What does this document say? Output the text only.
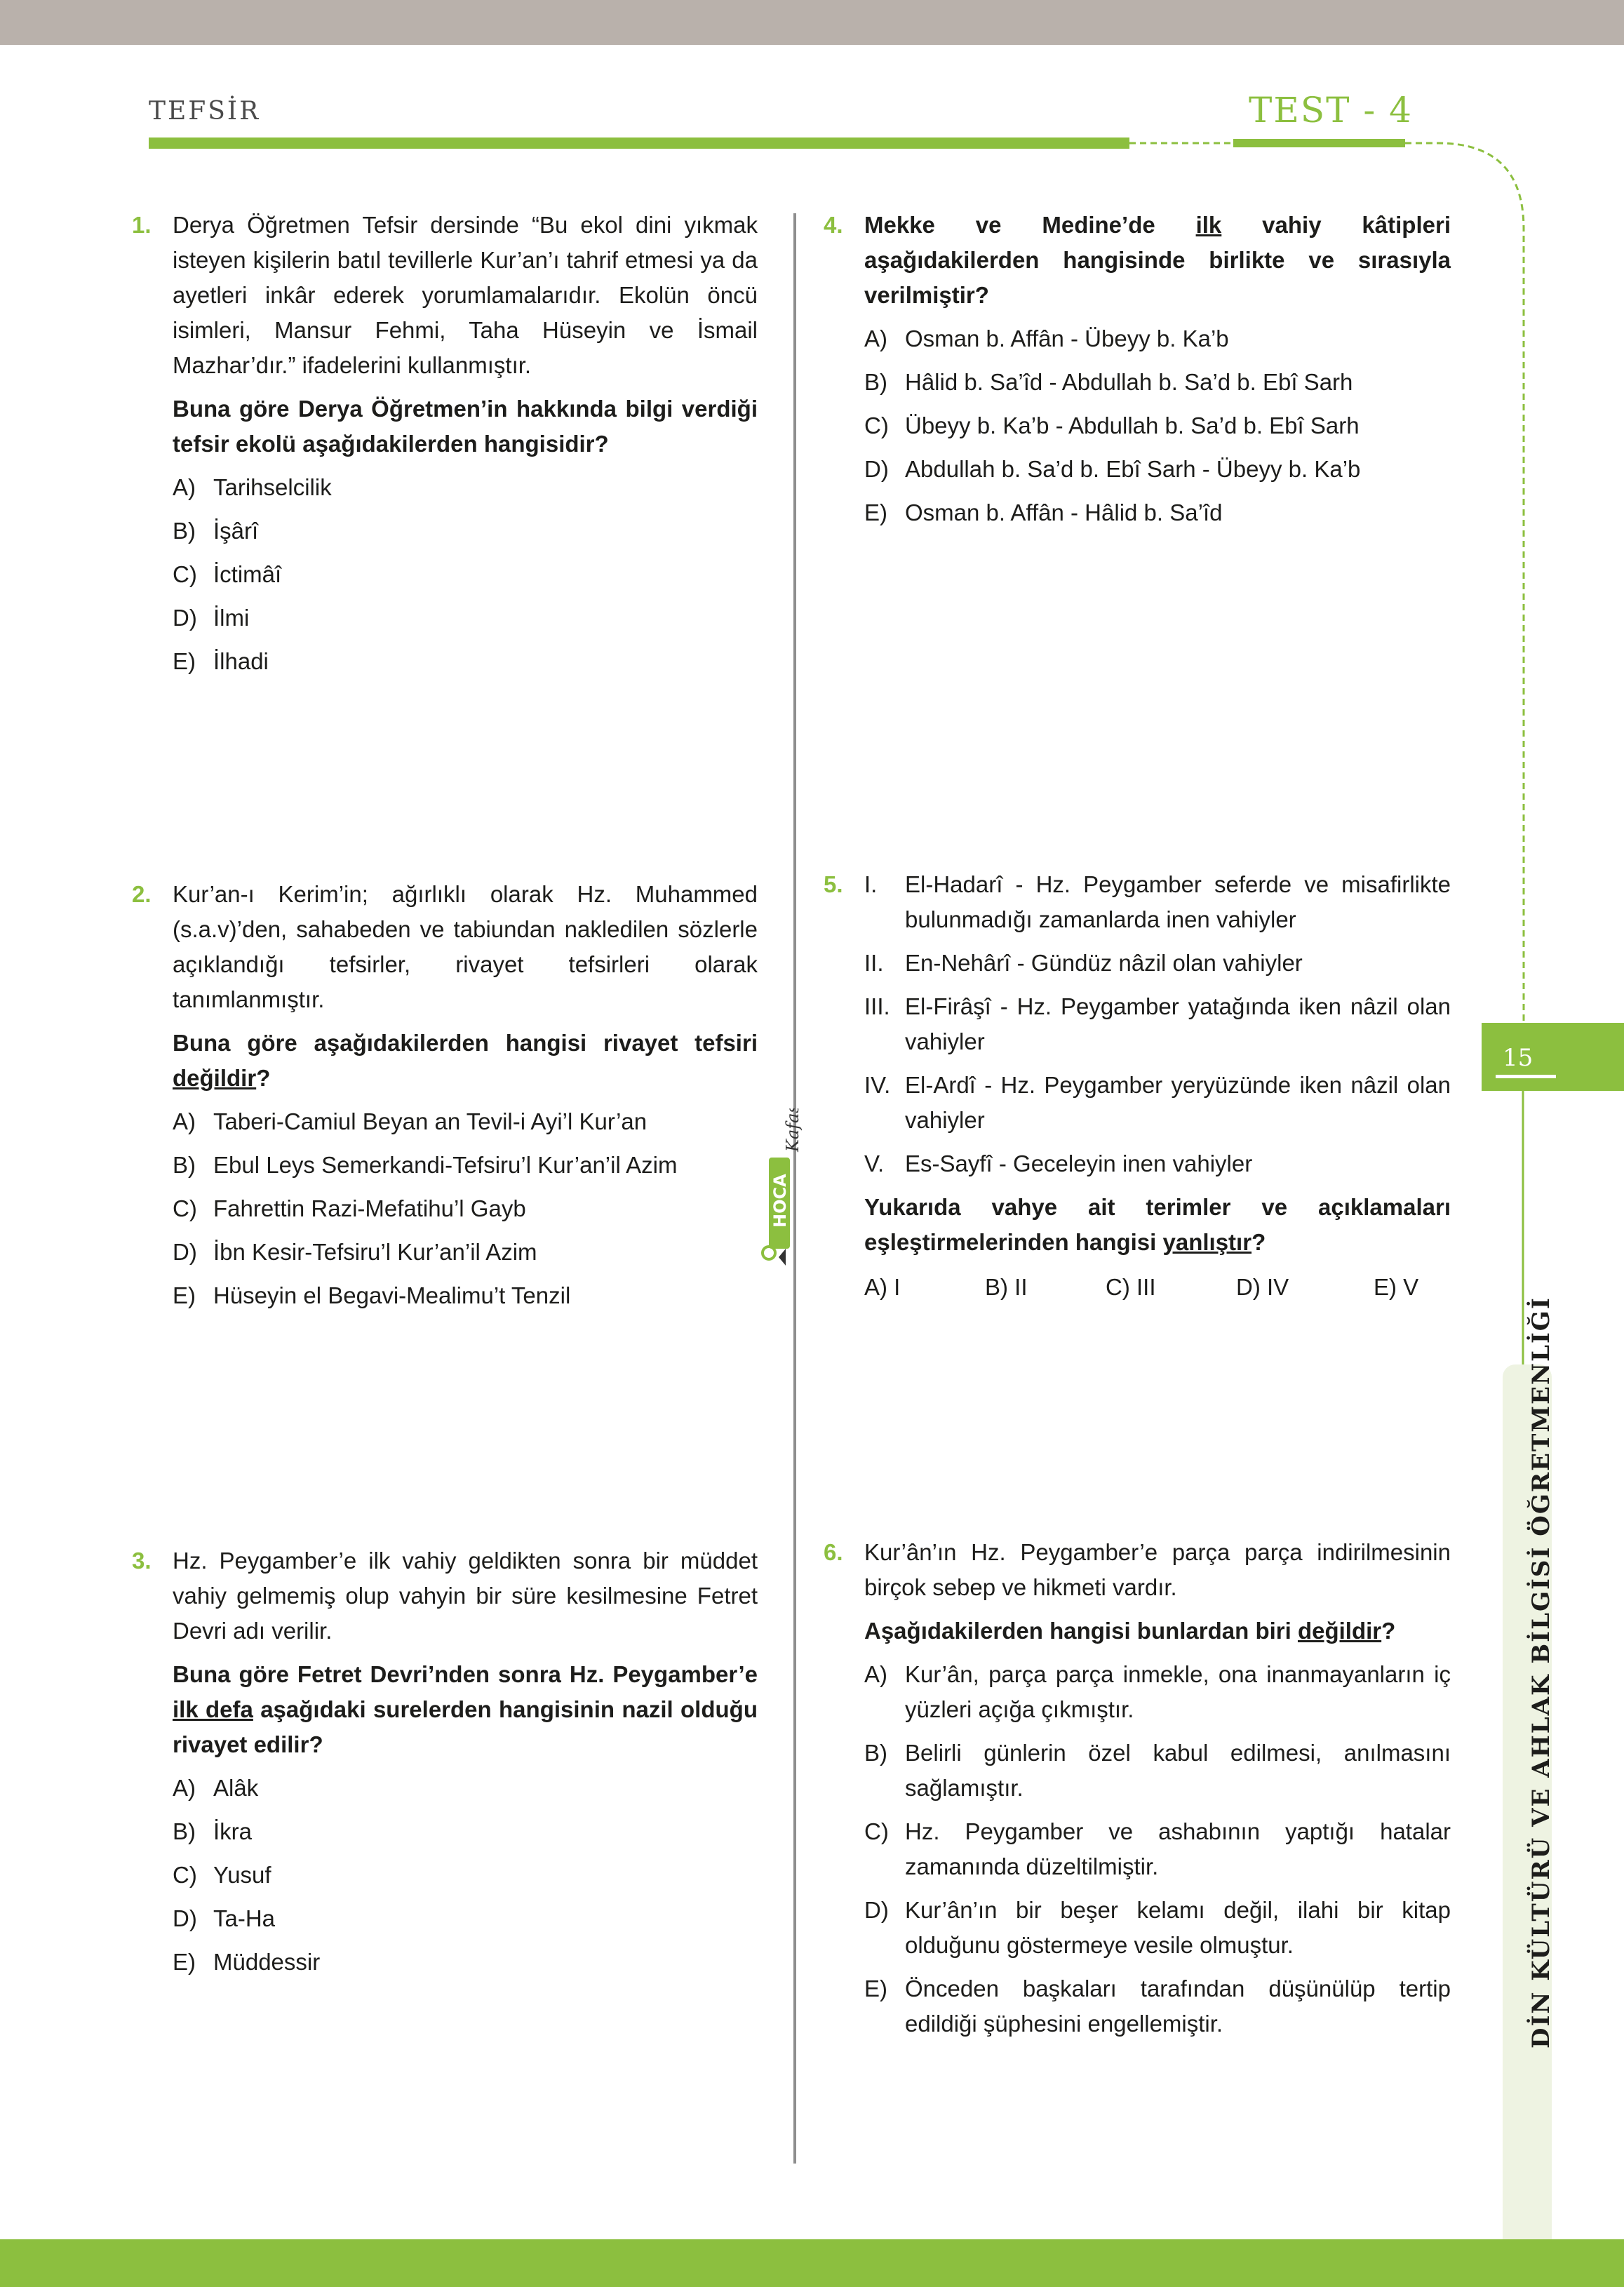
TEFSİR	TEST - 4
15
DİN KÜLTÜRÜ VE AHLAK BİLGİSİ ÖĞRETMENLİĞİ
HOCA
Kafası
1. Derya Öğretmen Tefsir dersinde “Bu ekol dini yıkmak isteyen kişilerin batıl tevillerle Kur’an’ı tahrif etmesi ya da ayetleri inkâr ederek yorumlamalarıdır. Ekolün öncü isimleri, Mansur Fehmi, Taha Hüseyin ve İsmail Mazhar’dır.” ifadelerini kullanmıştır.

Buna göre Derya Öğretmen’in hakkında bilgi verdiği tefsir ekolü aşağıdakilerden hangisidir?

A) Tarihselcilik
B) İşârî
C) İctimâî
D) İlmi
E) İlhadi
2. Kur’an-ı Kerim’in; ağırlıklı olarak Hz. Muhammed (s.a.v)’den, sahabeden ve tabiundan nakledilen sözlerle açıklandığı tefsirler, rivayet tefsirleri olarak tanımlanmıştır.

Buna göre aşağıdakilerden hangisi rivayet tefsiri değildir?

A) Taberi-Camiul Beyan an Tevil-i Ayi’l Kur’an
B) Ebul Leys Semerkandi-Tefsiru’l Kur’an’il Azim
C) Fahrettin Razi-Mefatihu’l Gayb
D) İbn Kesir-Tefsiru’l Kur’an’il Azim
E) Hüseyin el Begavi-Mealimu’t Tenzil
3. Hz. Peygamber’e ilk vahiy geldikten sonra bir müddet vahiy gelmemiş olup vahyin bir süre kesilmesine Fetret Devri adı verilir.

Buna göre Fetret Devri’nden sonra Hz. Peygamber’e ilk defa aşağıdaki surelerden hangisinin nazil olduğu rivayet edilir?

A) Alâk
B) İkra
C) Yusuf
D) Ta-Ha
E) Müddessir
4. Mekke ve Medine’de ilk vahiy kâtipleri aşağıdakilerden hangisinde birlikte ve sırasıyla verilmiştir?

A) Osman b. Affân - Übeyy b. Ka’b
B) Hâlid b. Sa’îd - Abdullah b. Sa’d b. Ebî Sarh
C) Übeyy b. Ka’b - Abdullah b. Sa’d b. Ebî Sarh
D) Abdullah b. Sa’d b. Ebî Sarh - Übeyy b. Ka’b
E) Osman b. Affân - Hâlid b. Sa’îd
5. I.	El-Hadarî - Hz. Peygamber seferde ve misafirlikte bulunmadığı zamanlarda inen vahiyler
II. En-Nehârî - Gündüz nâzil olan vahiyler
III. El-Firâşî - Hz. Peygamber yatağında iken nâzil olan vahiyler
IV. El-Ardî - Hz. Peygamber yeryüzünde iken nâzil olan vahiyler
V. Es-Sayfî - Geceleyin inen vahiyler

Yukarıda vahye ait terimler ve açıklamaları eşleştirmelerinden hangisi yanlıştır?

A) I	B) II	C) III	D) IV	E) V
6. Kur’ân’ın Hz. Peygamber’e parça parça indirilmesinin birçok sebep ve hikmeti vardır.

Aşağıdakilerden hangisi bunlardan biri değildir?

A) Kur’ân, parça parça inmekle, ona inanmayanların iç yüzleri açığa çıkmıştır.
B) Belirli günlerin özel kabul edilmesi, anılmasını sağlamıştır.
C) Hz. Peygamber ve ashabının yaptığı hatalar zamanında düzeltilmiştir.
D) Kur’ân’ın bir beşer kelamı değil, ilahi bir kitap olduğunu göstermeye vesile olmuştur.
E) Önceden başkaları tarafından düşünülüp tertip edildiği şüphesini engellemiştir.
